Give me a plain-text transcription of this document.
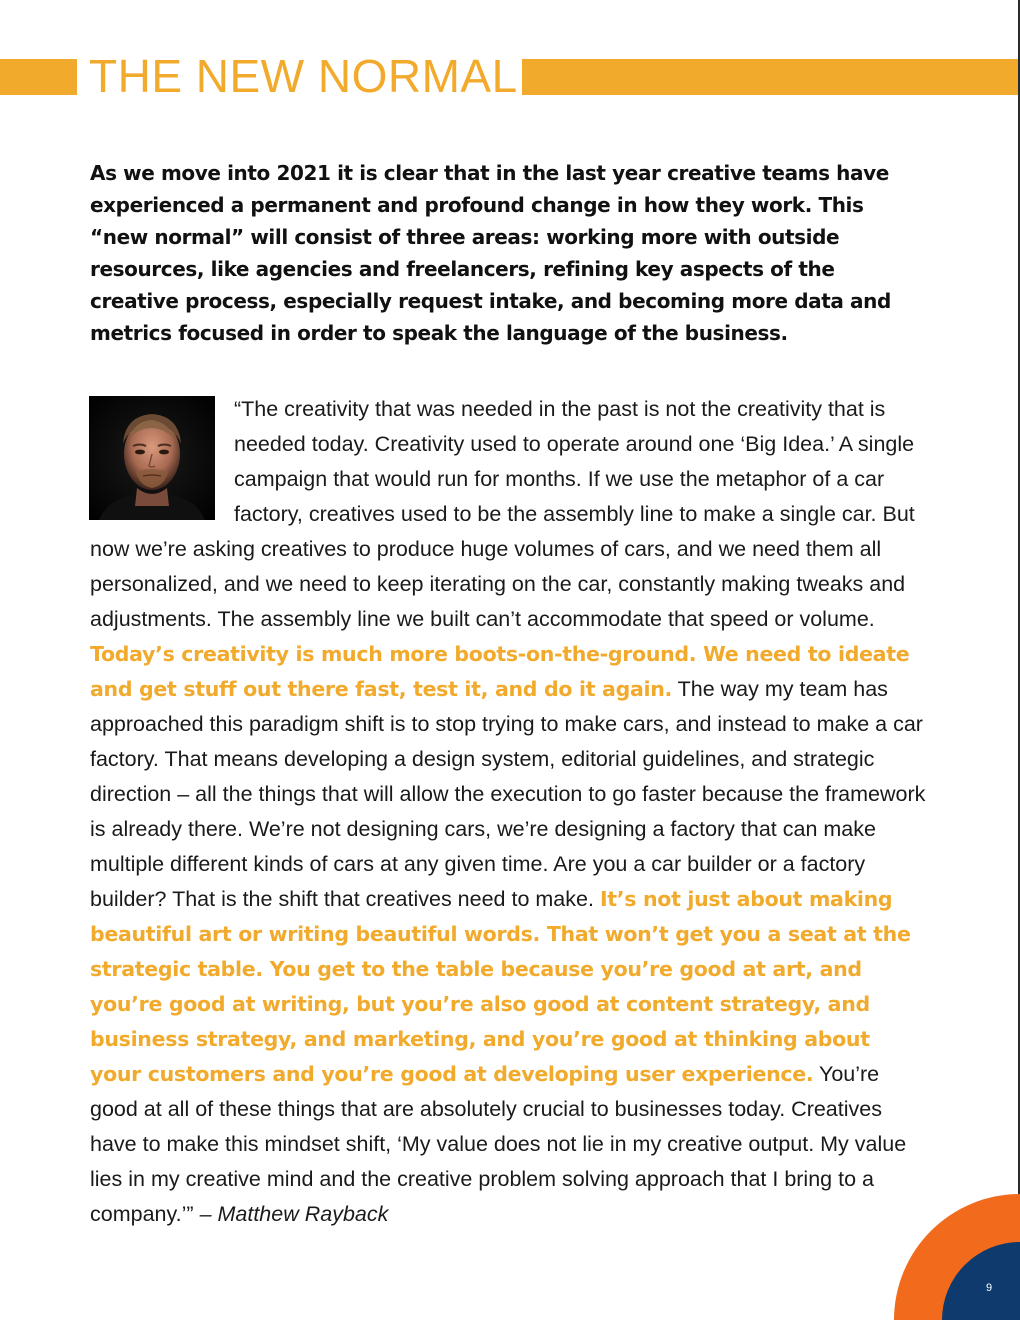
THE NEW NORMAL

As we move into 2021 it is clear that in the last year creative teams have experienced a permanent and profound change in how they work. This “new normal” will consist of three areas: working more with outside resources, like agencies and freelancers, refining key aspects of the creative process, especially request intake, and becoming more data and metrics focused in order to speak the language of the business.

“The creativity that was needed in the past is not the creativity that is needed today. Creativity used to operate around one ‘Big Idea.’ A single campaign that would run for months. If we use the metaphor of a car factory, creatives used to be the assembly line to make a single car. But now we’re asking creatives to produce huge volumes of cars, and we need them all personalized, and we need to keep iterating on the car, constantly making tweaks and adjustments. The assembly line we built can’t accommodate that speed or volume. Today’s creativity is much more boots-on-the-ground. We need to ideate and get stuff out there fast, test it, and do it again. The way my team has approached this paradigm shift is to stop trying to make cars, and instead to make a car factory. That means developing a design system, editorial guidelines, and strategic direction – all the things that will allow the execution to go faster because the framework is already there. We’re not designing cars, we’re designing a factory that can make multiple different kinds of cars at any given time. Are you a car builder or a factory builder? That is the shift that creatives need to make. It’s not just about making beautiful art or writing beautiful words. That won’t get you a seat at the strategic table. You get to the table because you’re good at art, and you’re good at writing, but you’re also good at content strategy, and business strategy, and marketing, and you’re good at thinking about your customers and you’re good at developing user experience. You’re good at all of these things that are absolutely crucial to businesses today. Creatives have to make this mindset shift, ‘My value does not lie in my creative output. My value lies in my creative mind and the creative problem solving approach that I bring to a company.’” – Matthew Rayback

9
